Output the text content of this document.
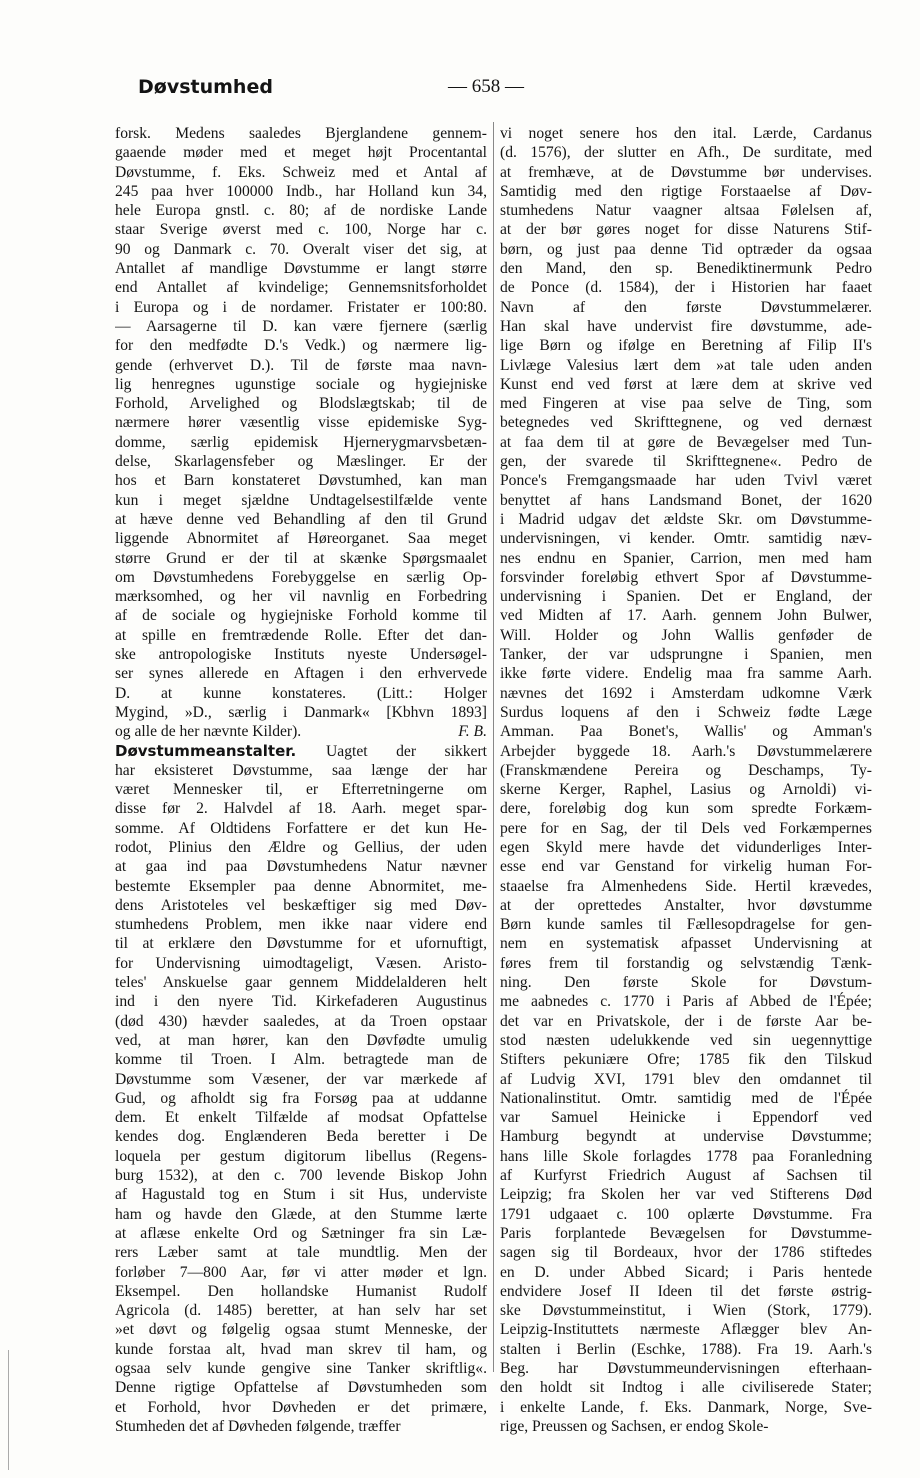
Døvstumhed	— 658 —
forsk. Medens saaledes Bjerglandene gennem-
gaaende møder med et meget højt Procentantal
Døvstumme, f. Eks. Schweiz med et Antal af
245 paa hver 100000 Indb., har Holland kun 34,
hele Europa gnstl. c. 80; af de nordiske Lande
staar Sverige øverst med c. 100, Norge har c.
90 og Danmark c. 70. Overalt viser det sig, at
Antallet af mandlige Døvstumme er langt større
end Antallet af kvindelige; Gennemsnitsforholdet
i Europa og i de nordamer. Fristater er 100:80.
— Aarsagerne til D. kan være fjernere (særlig
for den medfødte D.'s Vedk.) og nærmere lig-
gende (erhvervet D.). Til de første maa navn-
lig henregnes ugunstige sociale og hygiejniske
Forhold, Arvelighed og Blodslægtskab; til de
nærmere hører væsentlig visse epidemiske Syg-
domme, særlig epidemisk Hjernerygmarvsbetæn-
delse, Skarlagensfeber og Mæslinger. Er der
hos et Barn konstateret Døvstumhed, kan man
kun i meget sjældne Undtagelsestilfælde vente
at hæve denne ved Behandling af den til Grund
liggende Abnormitet af Høreorganet. Saa meget
større Grund er der til at skænke Spørgsmaalet
om Døvstumhedens Forebyggelse en særlig Op-
mærksomhed, og her vil navnlig en Forbedring
af de sociale og hygiejniske Forhold komme til
at spille en fremtrædende Rolle. Efter det dan-
ske antropologiske Instituts nyeste Undersøgel-
ser synes allerede en Aftagen i den erhvervede
D. at kunne konstateres. (Litt.: Holger
Mygind, »D., særlig i Danmark« [Kbhvn 1893]
og alle de her nævnte Kilder).	F. B.
Døvstummeanstalter. Uagtet der sikkert
har eksisteret Døvstumme, saa længe der har
været Mennesker til, er Efterretningerne om
disse før 2. Halvdel af 18. Aarh. meget spar-
somme. Af Oldtidens Forfattere er det kun He-
rodot, Plinius den Ældre og Gellius, der uden
at gaa ind paa Døvstumhedens Natur nævner
bestemte Eksempler paa denne Abnormitet, me-
dens Aristoteles vel beskæftiger sig med Døv-
stumhedens Problem, men ikke naar videre end
til at erklære den Døvstumme for et ufornuftigt,
for Undervisning uimodtageligt, Væsen. Aristo-
teles' Anskuelse gaar gennem Middelalderen helt
ind i den nyere Tid. Kirkefaderen Augustinus
(død 430) hævder saaledes, at da Troen opstaar
ved, at man hører, kan den Døvfødte umulig
komme til Troen. I Alm. betragtede man de
Døvstumme som Væsener, der var mærkede af
Gud, og afholdt sig fra Forsøg paa at uddanne
dem. Et enkelt Tilfælde af modsat Opfattelse
kendes dog. Englænderen Beda beretter i De
loquela per gestum digitorum libellus (Regens-
burg 1532), at den c. 700 levende Biskop John
af Hagustald tog en Stum i sit Hus, underviste
ham og havde den Glæde, at den Stumme lærte
at aflæse enkelte Ord og Sætninger fra sin Læ-
rers Læber samt at tale mundtlig. Men der
forløber 7—800 Aar, før vi atter møder et lgn.
Eksempel. Den hollandske Humanist Rudolf
Agricola (d. 1485) beretter, at han selv har set
»et døvt og følgelig ogsaa stumt Menneske, der
kunde forstaa alt, hvad man skrev til ham, og
ogsaa selv kunde gengive sine Tanker skriftlig«.
Denne rigtige Opfattelse af Døvstumheden som
et Forhold, hvor Døvheden er det primære,
Stumheden det af Døvheden følgende, træffer
vi noget senere hos den ital. Lærde, Cardanus
(d. 1576), der slutter en Afh., De surditate, med
at fremhæve, at de Døvstumme bør undervises.
Samtidig med den rigtige Forstaaelse af Døv-
stumhedens Natur vaagner altsaa Følelsen af,
at der bør gøres noget for disse Naturens Stif-
børn, og just paa denne Tid optræder da ogsaa
den Mand, den sp. Benediktinermunk Pedro
de Ponce (d. 1584), der i Historien har faaet
Navn af den første Døvstummelærer.
Han skal have undervist fire døvstumme, ade-
lige Børn og ifølge en Beretning af Filip II's
Livlæge Valesius lært dem »at tale uden anden
Kunst end ved først at lære dem at skrive ved
med Fingeren at vise paa selve de Ting, som
betegnedes ved Skrifttegnene, og ved dernæst
at faa dem til at gøre de Bevægelser med Tun-
gen, der svarede til Skrifttegnene«. Pedro de
Ponce's Fremgangsmaade har uden Tvivl været
benyttet af hans Landsmand Bonet, der 1620
i Madrid udgav det ældste Skr. om Døvstumme-
undervisningen, vi kender. Omtr. samtidig næv-
nes endnu en Spanier, Carrion, men med ham
forsvinder foreløbig ethvert Spor af Døvstumme-
undervisning i Spanien. Det er England, der
ved Midten af 17. Aarh. gennem John Bulwer,
Will. Holder og John Wallis genføder de
Tanker, der var udsprungne i Spanien, men
ikke førte videre. Endelig maa fra samme Aarh.
nævnes det 1692 i Amsterdam udkomne Værk
Surdus loquens af den i Schweiz fødte Læge
Amman. Paa Bonet's, Wallis' og Amman's
Arbejder byggede 18. Aarh.'s Døvstummelærere
(Franskmændene Pereira og Deschamps, Ty-
skerne Kerger, Raphel, Lasius og Arnoldi) vi-
dere, foreløbig dog kun som spredte Forkæm-
pere for en Sag, der til Dels ved Forkæmpernes
egen Skyld mere havde det vidunderliges Inter-
esse end var Genstand for virkelig human For-
staaelse fra Almenhedens Side. Hertil krævedes,
at der oprettedes Anstalter, hvor døvstumme
Børn kunde samles til Fællesopdragelse for gen-
nem en systematisk afpasset Undervisning at
føres frem til forstandig og selvstændig Tænk-
ning. Den første Skole for Døvstum-
me aabnedes c. 1770 i Paris af Abbed de l'Épée;
det var en Privatskole, der i de første Aar be-
stod næsten udelukkende ved sin uegennyttige
Stifters pekuniære Ofre; 1785 fik den Tilskud
af Ludvig XVI, 1791 blev den omdannet til
Nationalinstitut. Omtr. samtidig med de l'Épée
var Samuel Heinicke i Eppendorf ved
Hamburg begyndt at undervise Døvstumme;
hans lille Skole forlagdes 1778 paa Foranledning
af Kurfyrst Friedrich August af Sachsen til
Leipzig; fra Skolen her var ved Stifterens Død
1791 udgaaet c. 100 oplærte Døvstumme. Fra
Paris forplantede Bevægelsen for Døvstumme-
sagen sig til Bordeaux, hvor der 1786 stiftedes
en D. under Abbed Sicard; i Paris hentede
endvidere Josef II Ideen til det første østrig-
ske Døvstummeinstitut, i Wien (Stork, 1779).
Leipzig-Instituttets nærmeste Aflægger blev An-
stalten i Berlin (Eschke, 1788). Fra 19. Aarh.'s
Beg. har Døvstummeundervisningen efterhaan-
den holdt sit Indtog i alle civiliserede Stater;
i enkelte Lande, f. Eks. Danmark, Norge, Sve-
rige, Preussen og Sachsen, er endog Skole-
